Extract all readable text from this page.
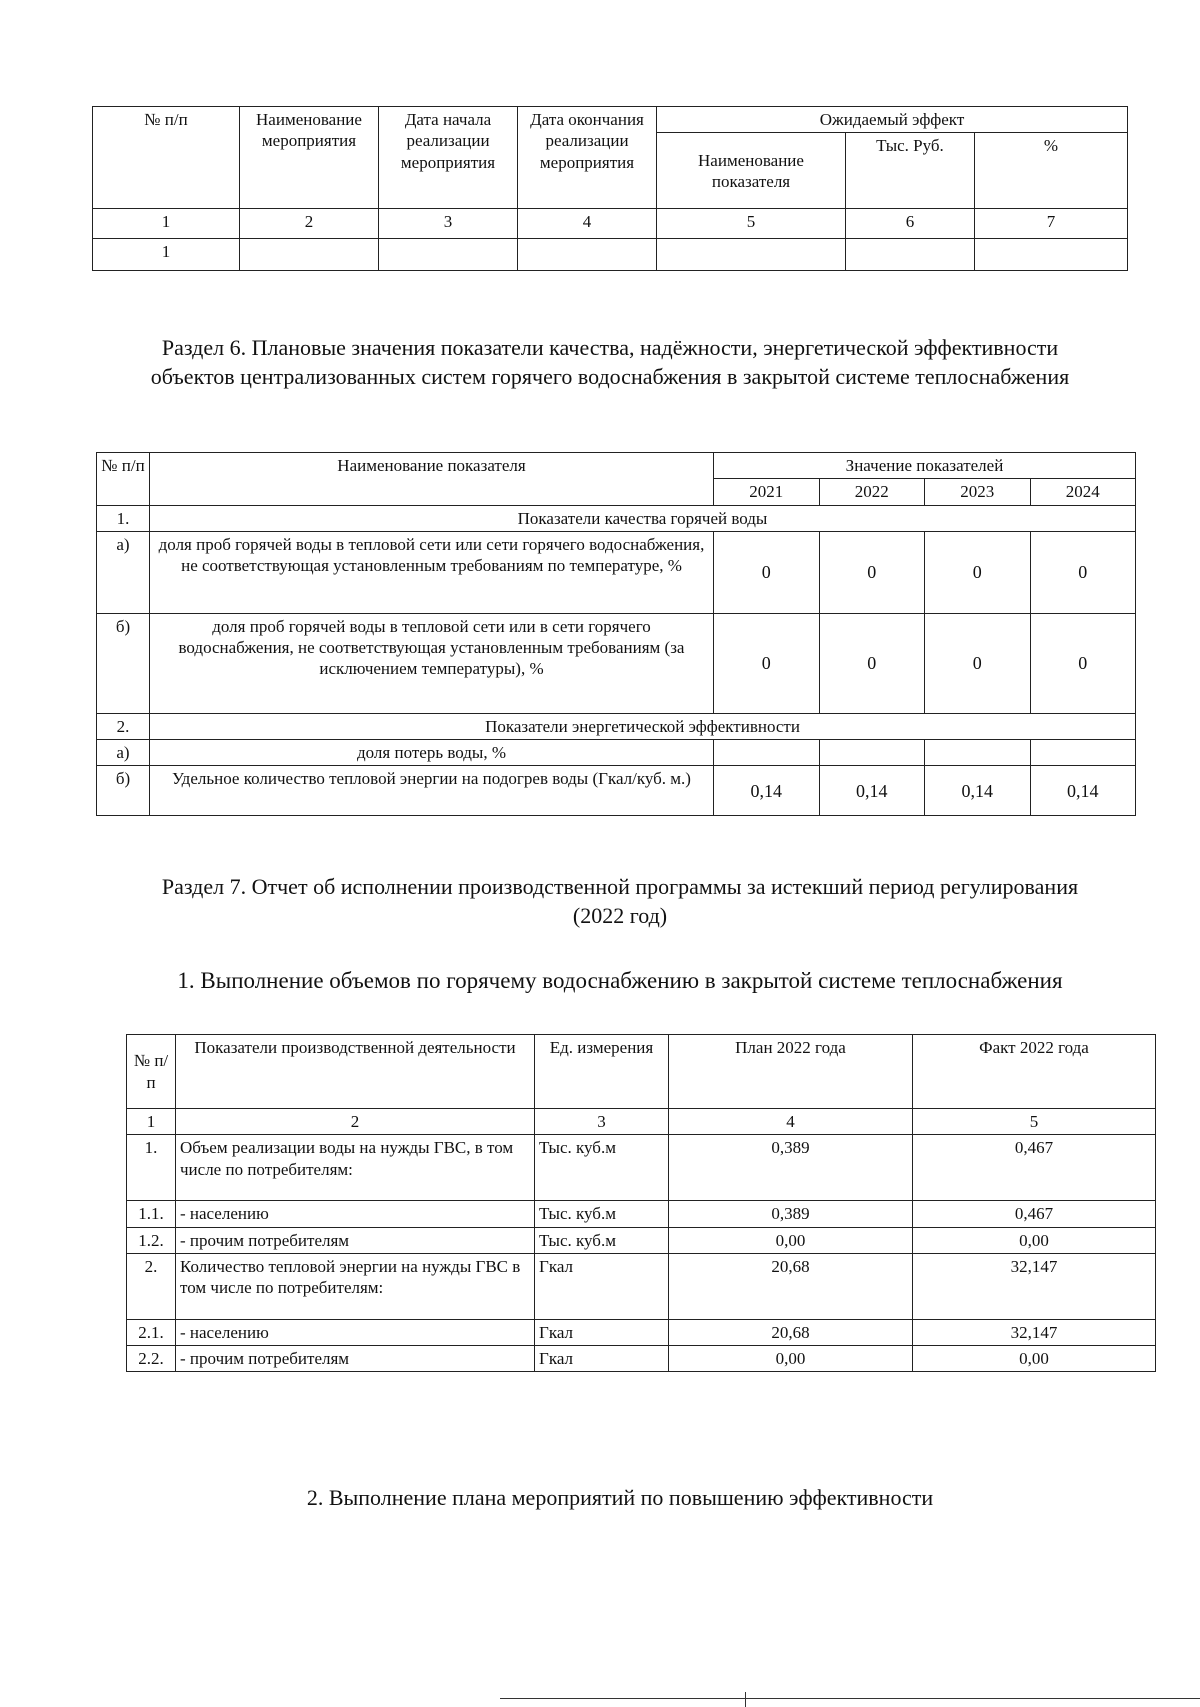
№ п/п	Наименование мероприятия	Дата начала реализации мероприятия	Дата окончания реализации мероприятия	Ожидаемый эффект		
				Наименование показателя	Тыс. Руб.	%
1	2	3	4	5	6	7
1						
Раздел 6. Плановые значения показатели качества, надёжности, энергетической эффективности объектов централизованных систем горячего водоснабжения в закрытой системе теплоснабжения
№ п/п	Наименование показателя	Значение показателей			
		2021	2022	2023	2024
1.	Показатели качества горячей воды				
а)	доля проб горячей воды в тепловой сети или сети горячего водоснабжения, не соответствующая установленным требованиям по температуре, %	0	0	0	0
б)	доля проб горячей воды в тепловой сети или в сети горячего водоснабжения, не соответствующая установленным требованиям (за исключением температуры), %	0	0	0	0
2.	Показатели энергетической эффективности				
а)	доля потерь воды, %				
б)	Удельное количество тепловой энергии на подогрев воды (Гкал/куб. м.)	0,14	0,14	0,14	0,14
Раздел 7. Отчет об исполнении производственной программы за истекший период регулирования (2022 год)
1. Выполнение объемов по горячему водоснабжению в закрытой системе теплоснабжения
№ п/п	Показатели производственной деятельности	Ед. измерения	План 2022 года	Факт 2022 года
1	2	3	4	5
1.	Объем реализации воды на нужды ГВС, в том числе по потребителям:	Тыс. куб.м	0,389	0,467
1.1.	- населению	Тыс. куб.м	0,389	0,467
1.2.	- прочим потребителям	Тыс. куб.м	0,00	0,00
2.	Количество тепловой энергии на нужды ГВС в том числе по потребителям:	Гкал	20,68	32,147
2.1.	- населению	Гкал	20,68	32,147
2.2.	- прочим потребителям	Гкал	0,00	0,00
2. Выполнение плана мероприятий по повышению эффективности
